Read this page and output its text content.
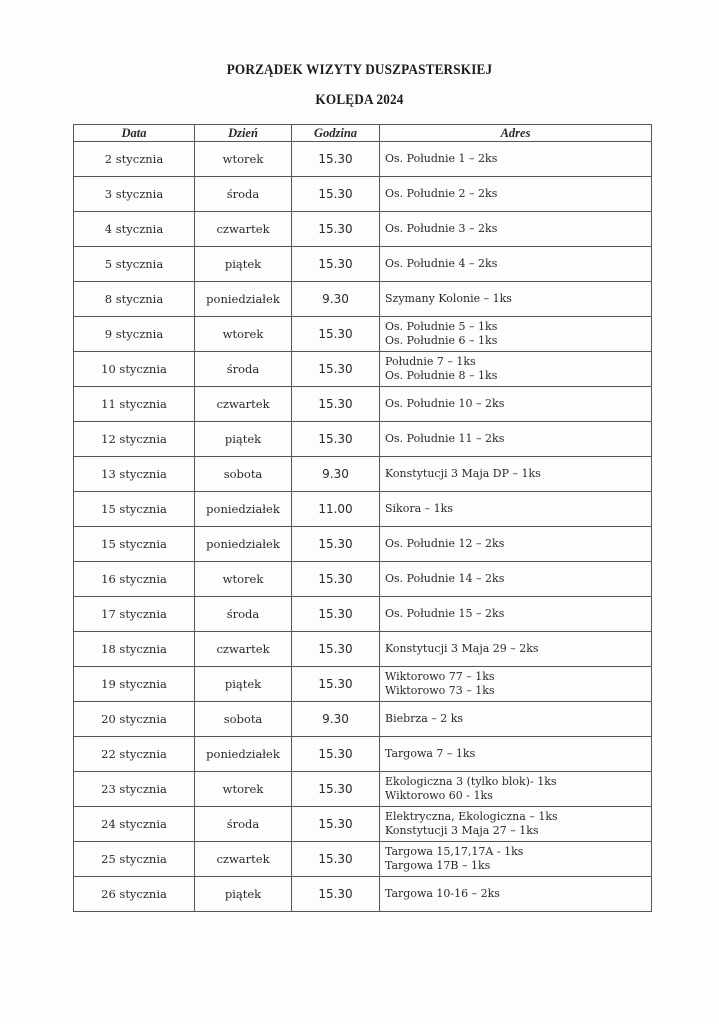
PORZĄDEK WIZYTY DUSZPASTERSKIEJ
KOLĘDA 2024
Data	Dzień	Godzina	Adres
2 stycznia	wtorek	15.30	Os. Południe 1 – 2ks

3 stycznia	środa	15.30	Os. Południe 2 – 2ks

4 stycznia	czwartek	15.30	Os. Południe 3 – 2ks

5 stycznia	piątek	15.30	Os. Południe 4 – 2ks

8 stycznia	poniedziałek	9.30	Szymany Kolonie – 1ks

9 stycznia	wtorek	15.30	Os. Południe 5 – 1ks
Os. Południe 6 – 1ks

10 stycznia	środa	15.30	Południe 7 – 1ks
Os. Południe 8 – 1ks

11 stycznia	czwartek	15.30	Os. Południe 10 – 2ks

12 stycznia	piątek	15.30	Os. Południe 11 – 2ks

13 stycznia	sobota	9.30	Konstytucji 3 Maja DP – 1ks

15 stycznia	poniedziałek	11.00	Sikora – 1ks

15 stycznia	poniedziałek	15.30	Os. Południe 12 – 2ks

16 stycznia	wtorek	15.30	Os. Południe 14 – 2ks

17 stycznia	środa	15.30	Os. Południe 15 – 2ks

18 stycznia	czwartek	15.30	Konstytucji 3 Maja 29 – 2ks

19 stycznia	piątek	15.30	Wiktorowo 77 – 1ks
Wiktorowo 73 – 1ks

20 stycznia	sobota	9.30	Biebrza – 2 ks

22 stycznia	poniedziałek	15.30	Targowa 7 – 1ks

23 stycznia	wtorek	15.30	Ekologiczna 3 (tylko blok)- 1ks
Wiktorowo 60 - 1ks

24 stycznia	środa	15.30	Elektryczna, Ekologiczna – 1ks
Konstytucji 3 Maja 27 – 1ks

25 stycznia	czwartek	15.30	Targowa 15,17,17A - 1ks
Targowa 17B – 1ks

26 stycznia	piątek	15.30	Targowa 10-16 – 2ks
